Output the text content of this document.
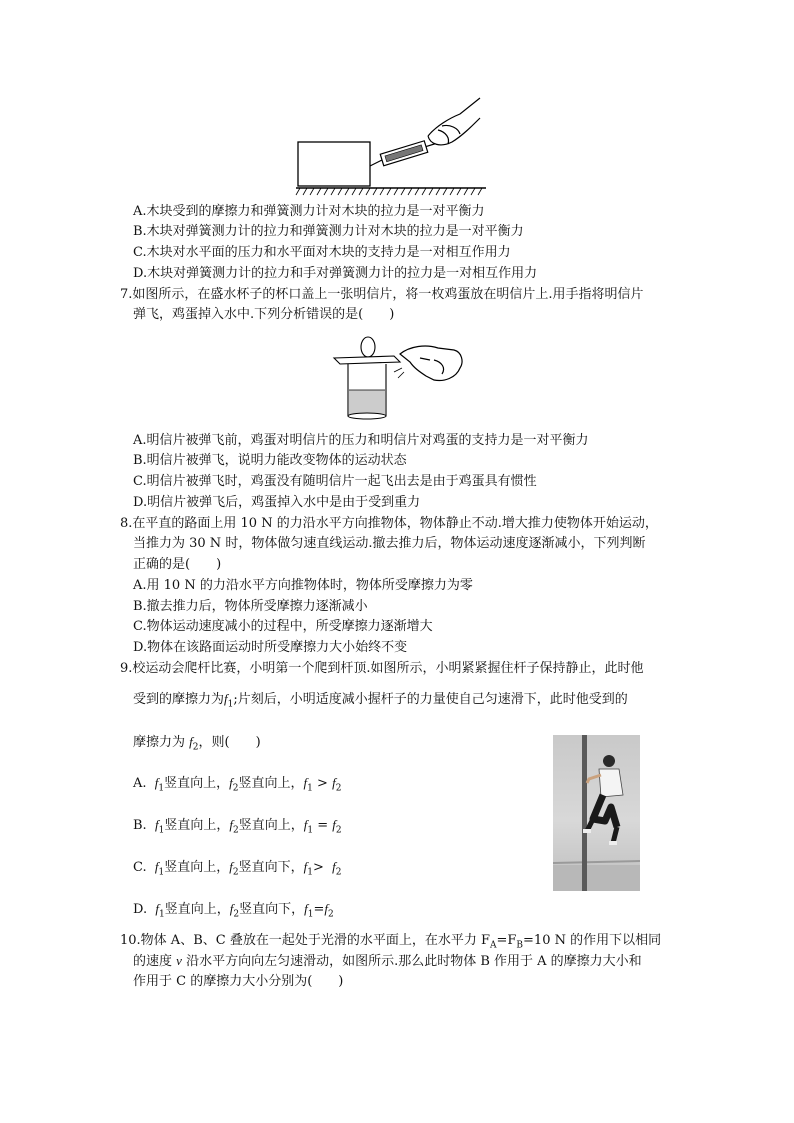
A.木块受到的摩擦力和弹簧测力计对木块的拉力是一对平衡力
B.木块对弹簧测力计的拉力和弹簧测力计对木块的拉力是一对平衡力
C.木块对水平面的压力和水平面对木块的支持力是一对相互作用力
D.木块对弹簧测力计的拉力和手对弹簧测力计的拉力是一对相互作用力
7.如图所示，在盛水杯子的杯口盖上一张明信片，将一枚鸡蛋放在明信片上.用手指将明信片
弹飞，鸡蛋掉入水中.下列分析错误的是(　　)
A.明信片被弹飞前，鸡蛋对明信片的压力和明信片对鸡蛋的支持力是一对平衡力
B.明信片被弹飞，说明力能改变物体的运动状态
C.明信片被弹飞时，鸡蛋没有随明信片一起飞出去是由于鸡蛋具有惯性
D.明信片被弹飞后，鸡蛋掉入水中是由于受到重力
8.在平直的路面上用 10 N 的力沿水平方向推物体，物体静止不动.增大推力使物体开始运动，
当推力为 30 N 时，物体做匀速直线运动.撤去推力后，物体运动速度逐渐减小，下列判断
正确的是(　　)
A.用 10 N 的力沿水平方向推物体时，物体所受摩擦力为零
B.撤去推力后，物体所受摩擦力逐渐减小
C.物体运动速度减小的过程中，所受摩擦力逐渐增大
D.物体在该路面运动时所受摩擦力大小始终不变
9.校运动会爬杆比赛，小明第一个爬到杆顶.如图所示，小明紧紧握住杆子保持静止，此时他
受到的摩擦力为$f_1$;片刻后，小明适度减小握杆子的力量使自己匀速滑下，此时他受到的
摩擦力为 $f_2$，则(　　)
A. $f_1$竖直向上，$f_2$竖直向上，$f_1 > f_2$
B. $f_1$竖直向上，$f_2$竖直向上，$f_1 = f_2$
C. $f_1$竖直向上，$f_2$竖直向下，$f_1> f_2$
D. $f_1$竖直向上，$f_2$竖直向下，$f_1=f_2$
10.物体 A、B、C 叠放在一起处于光滑的水平面上，在水平力 $F_A=F_B=10$ N 的作用下以相同
的速度 v 沿水平方向向左匀速滑动，如图所示.那么此时物体 B 作用于 A 的摩擦力大小和
作用于 C 的摩擦力大小分别为(　　)
